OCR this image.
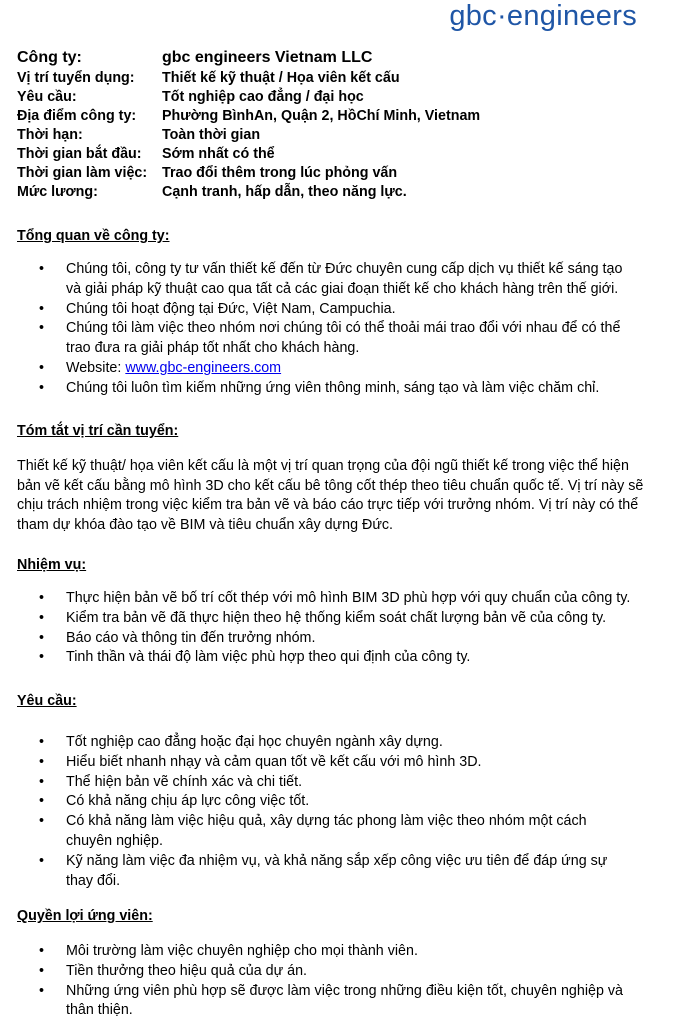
gbc·engineers
Công ty:	gbc engineers Vietnam LLC
Vị trí tuyển dụng:	Thiết kế kỹ thuật / Họa viên kết cấu
Yêu cầu:	Tốt nghiệp cao đẳng / đại học
Địa điểm công ty:	Phường BìnhAn, Quận 2, HồChí Minh, Vietnam
Thời hạn:	Toàn thời gian
Thời gian bắt đầu:	Sớm nhất có thể
Thời gian làm việc:	Trao đổi thêm trong lúc phỏng vấn
Mức lương:	Cạnh tranh, hấp dẫn, theo năng lực.
Tổng quan về công ty:
• Chúng tôi, công ty tư vấn thiết kế đến từ Đức chuyên cung cấp dịch vụ thiết kế sáng tạo và giải pháp kỹ thuật cao qua tất cả các giai đoạn thiết kế cho khách hàng trên thế giới.
• Chúng tôi hoạt động tại Đức, Việt Nam, Campuchia.
• Chúng tôi làm việc theo nhóm nơi chúng tôi có thể thoải mái trao đổi với nhau để có thể trao đưa ra giải pháp tốt nhất cho khách hàng.
• Website: www.gbc-engineers.com
• Chúng tôi luôn tìm kiếm những ứng viên thông minh, sáng tạo và làm việc chăm chỉ.
Tóm tắt vị trí cần tuyển:
Thiết kế kỹ thuật/ họa viên kết cấu là một vị trí quan trọng của đội ngũ thiết kế trong việc thể hiện bản vẽ kết cấu bằng mô hình 3D cho kết cấu bê tông cốt thép theo tiêu chuẩn quốc tế. Vị trí này sẽ chịu trách nhiệm trong việc kiểm tra bản vẽ và báo cáo trực tiếp với trưởng nhóm. Vị trí này có thể tham dự khóa đào tạo về BIM và tiêu chuẩn xây dựng Đức.
Nhiệm vụ:
• Thực hiện bản vẽ bố trí cốt thép với mô hình BIM 3D phù hợp với quy chuẩn của công ty.
• Kiểm tra bản vẽ đã thực hiện theo hệ thống kiểm soát chất lượng bản vẽ của công ty.
• Báo cáo và thông tin đến trưởng nhóm.
• Tinh thần và thái độ làm việc phù hợp theo qui định của công ty.
Yêu cầu:
• Tốt nghiệp cao đẳng hoặc đại học chuyên ngành xây dựng.
• Hiểu biết nhanh nhạy và cảm quan tốt về kết cấu với mô hình 3D.
• Thể hiện bản vẽ chính xác và chi tiết.
• Có khả năng chịu áp lực công việc tốt.
• Có khả năng làm việc hiệu quả, xây dựng tác phong làm việc theo nhóm một cách chuyên nghiệp.
• Kỹ năng làm việc đa nhiệm vụ, và khả năng sắp xếp công việc ưu tiên để đáp ứng sự thay đổi.
Quyền lợi ứng viên:
• Môi trường làm việc chuyên nghiệp cho mọi thành viên.
• Tiền thưởng theo hiệu quả của dự án.
• Những ứng viên phù hợp sẽ được làm việc trong những điều kiện tốt, chuyên nghiệp và thân thiện.
